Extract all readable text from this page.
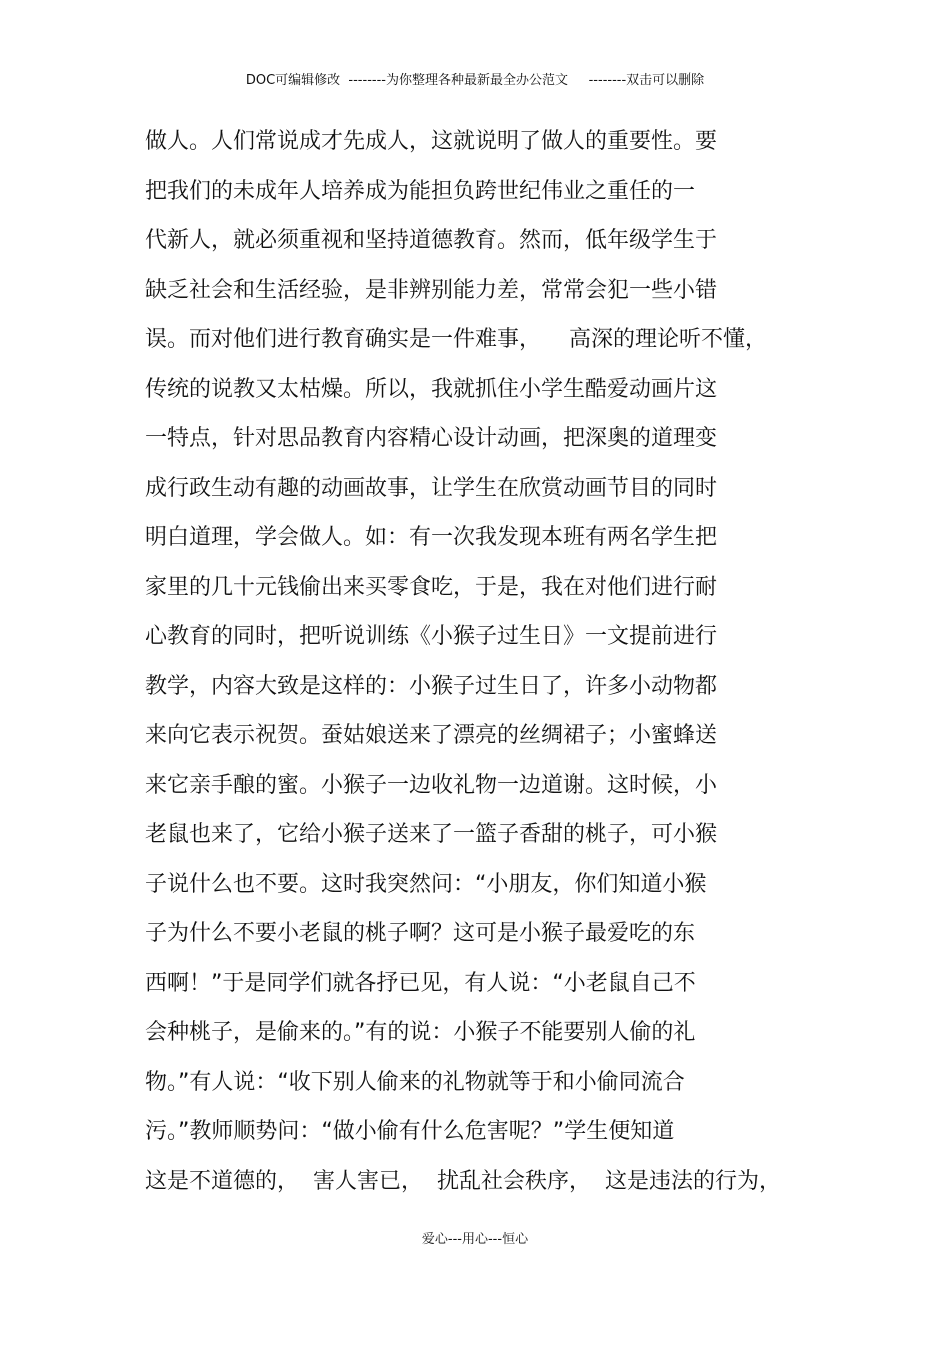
DOC可编辑修改  --------为你整理各种最新最全办公范文     --------双击可以删除
做人。人们常说成才先成人，这就说明了做人的重要性。要
把我们的未成年人培养成为能担负跨世纪伟业之重任的一
代新人，就必须重视和坚持道德教育。然而，低年级学生于
缺乏社会和生活经验，是非辨别能力差，常常会犯一些小错
误。而对他们进行教育确实是一件难事，    高深的理论听不懂，
传统的说教又太枯燥。所以，我就抓住小学生酷爱动画片这
一特点，针对思品教育内容精心设计动画，把深奥的道理变
成行政生动有趣的动画故事，让学生在欣赏动画节目的同时
明白道理，学会做人。如：有一次我发现本班有两名学生把
家里的几十元钱偷出来买零食吃，于是，我在对他们进行耐
心教育的同时，把听说训练《小猴子过生日》一文提前进行
教学，内容大致是这样的：小猴子过生日了，许多小动物都
来向它表示祝贺。蚕姑娘送来了漂亮的丝绸裙子；小蜜蜂送
来它亲手酿的蜜。小猴子一边收礼物一边道谢。这时候，小
老鼠也来了，它给小猴子送来了一篮子香甜的桃子，可小猴
子说什么也不要。这时我突然问：“小朋友，你们知道小猴
子为什么不要小老鼠的桃子啊？这可是小猴子最爱吃的东
西啊！”于是同学们就各抒已见，有人说：“小老鼠自己不
会种桃子，是偷来的。”有的说：小猴子不能要别人偷的礼
物。”有人说：“收下别人偷来的礼物就等于和小偷同流合
污。”教师顺势问：“做小偷有什么危害呢？”学生便知道
这是不道德的，  害人害已，  扰乱社会秩序，  这是违法的行为，
爱心---用心---恒心
